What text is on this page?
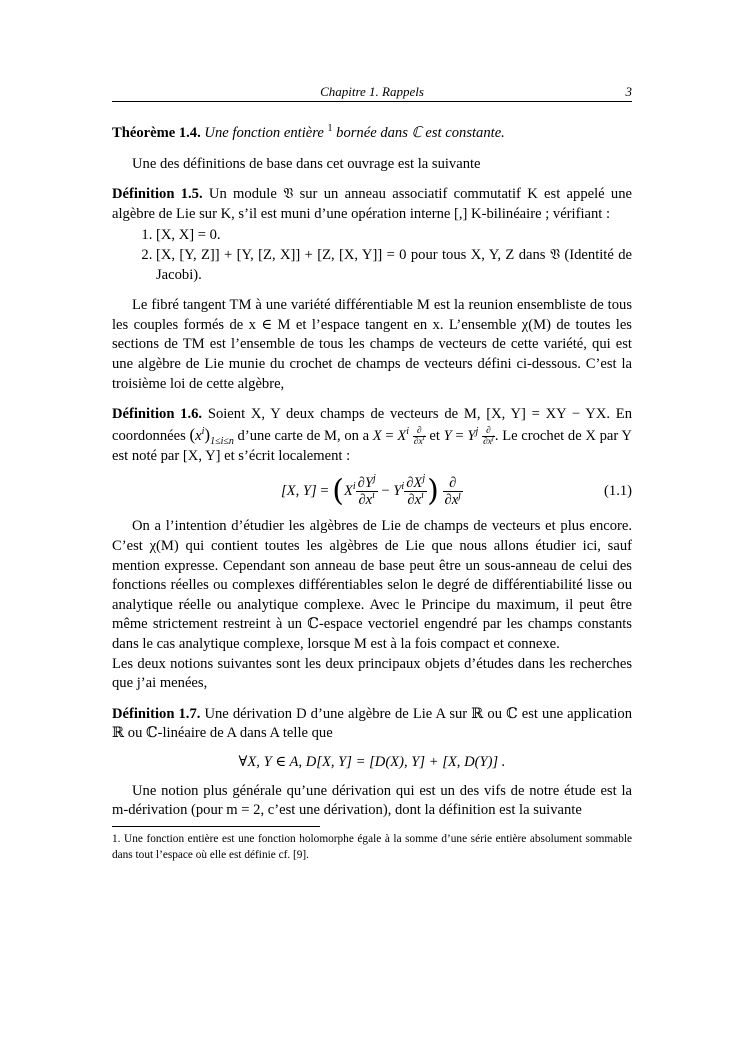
Chapitre 1. Rappels	3

Théorème 1.4. Une fonction entière $^1$ bornée dans ℂ est constante.

Une des définitions de base dans cet ouvrage est la suivante

Définition 1.5. Un module 𝔙 sur un anneau associatif commutatif K est appelé une algèbre de Lie sur K, s’il est muni d’une opération interne [,] K-bilinéaire ; vérifiant :

1. [X, X] = 0.
2. [X, [Y, Z]] + [Y, [Z, X]] + [Z, [X, Y]] = 0 pour tous X, Y, Z dans 𝔙 (Identité de Jacobi).

Le fibré tangent TM à une variété différentiable M est la reunion ensembliste de tous les couples formés de x ∈ M et l’espace tangent en x. L’ensemble χ(M) de toutes les sections de TM est l’ensemble de tous les champs de vecteurs de cette variété, qui est une algèbre de Lie munie du crochet de champs de vecteurs défini ci-dessous. C’est la troisième loi de cette algèbre,

Définition 1.6. Soient X, Y deux champs de vecteurs de M, [X, Y] = XY − YX. En coordonnées $(x^i)_{1\le i\le n}$ d’une carte de M, on a $X = X^i$ ∂
$\partial x^i$ et $Y = Y^j$ ∂
$\partial x^j$ . Le crochet de X par Y est noté par [X, Y] et s’écrit localement :

[X, $Y] = (X^i \frac{\partial Y^j}{\partial x^i} - Y^i \frac{\partial X^j}{\partial x^i}$ ) $\frac{\partial}{\partial x^j}$	(1.1)

On a l’intention d’étudier les algèbres de Lie de champs de vecteurs et plus encore. C’est χ(M) qui contient toutes les algèbres de Lie que nous allons étudier ici, sauf mention expresse. Cependant son anneau de base peut être un sous-anneau de celui des fonctions réelles ou complexes différentiables selon le degré de différentiabilité lisse ou analytique réelle ou analytique complexe. Avec le Principe du maximum, il peut être même strictement restreint à un ℂ-espace vectoriel engendré par les champs constants dans le cas analytique complexe, lorsque M est à la fois compact et connexe.

Les deux notions suivantes sont les deux principaux objets d’études dans les recherches que j’ai menées,

Définition 1.7. Une dérivation D d’une algèbre de Lie A sur ℝ ou ℂ est une application ℝ ou ℂ-linéaire de A dans A telle que

∀X, Y ∈ A, D[X, Y] = [D(X), Y] + [X, D(Y)] .

Une notion plus générale qu’une dérivation qui est un des vifs de notre étude est la m-dérivation (pour m = 2, c’est une dérivation), dont la définition est la suivante

1. Une fonction entière est une fonction holomorphe égale à la somme d’une série entière absolument sommable dans tout l’espace où elle est définie cf. [9].
